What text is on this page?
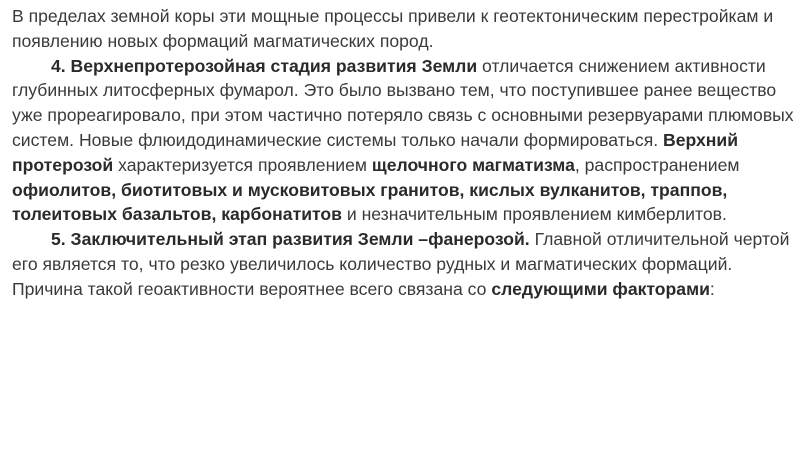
В пределах земной коры эти мощные процессы привели к геотектоническим перестройкам и появлению новых формаций магматических пород.

4. Верхнепротерозойная стадия развития Земли отличается снижением активности глубинных литосферных фумарол. Это было вызвано тем, что поступившее ранее вещество уже прореагировало, при этом частично потеряло связь с основными резервуарами плюмовых систем. Новые флюидодинамические системы только начали формироваться. Верхний протерозой характеризуется проявлением щелочного магматизма, распространением офиолитов, биотитовых и мусковитовых гранитов, кислых вулканитов, траппов, толеитовых базальтов, карбонатитов и незначительным проявлением кимберлитов.

5. Заключительный этап развития Земли –фанерозой. Главной отличительной чертой его является то, что резко увеличилось количество рудных и магматических формаций. Причина такой геоактивности вероятнее всего связана со следующими факторами:
